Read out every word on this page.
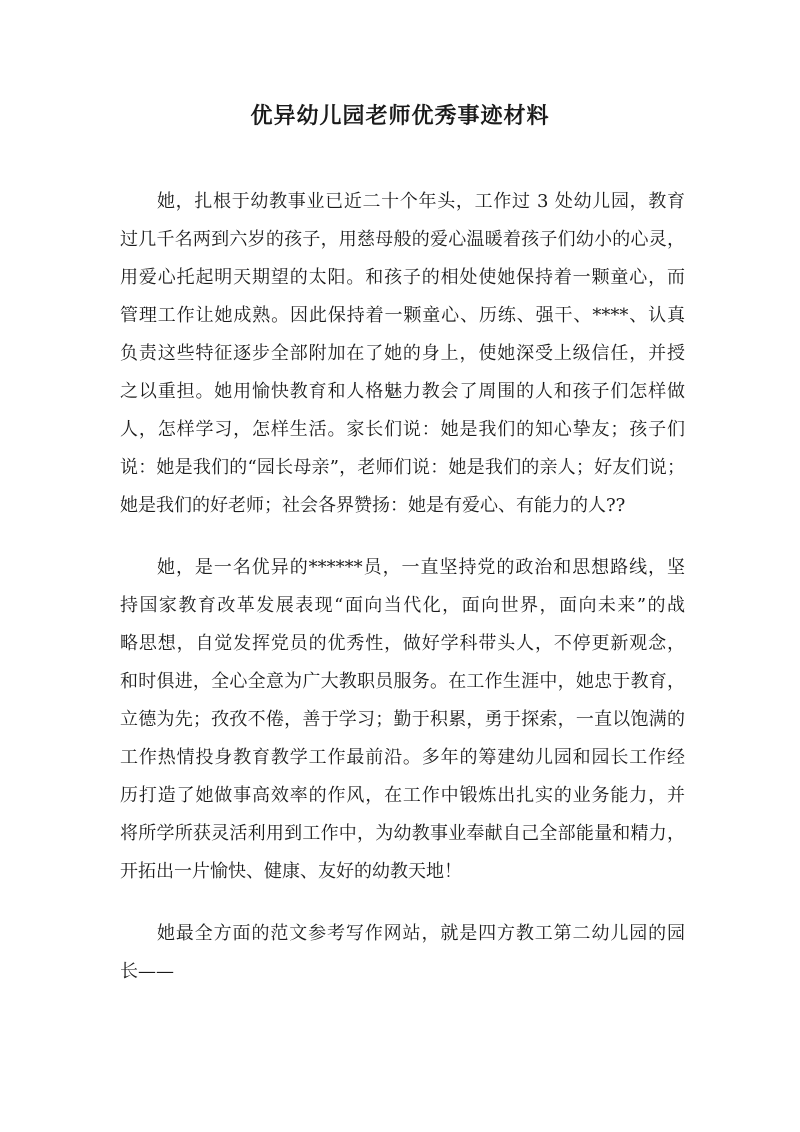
优异幼儿园老师优秀事迹材料
她，扎根于幼教事业已近二十个年头，工作过 3 处幼儿园，教育
过几千名两到六岁的孩子，用慈母般的爱心温暖着孩子们幼小的心灵，
用爱心托起明天期望的太阳。和孩子的相处使她保持着一颗童心，而
管理工作让她成熟。因此保持着一颗童心、历练、强干、****、认真
负责这些特征逐步全部附加在了她的身上，使她深受上级信任，并授
之以重担。她用愉快教育和人格魅力教会了周围的人和孩子们怎样做
人，怎样学习，怎样生活。家长们说：她是我们的知心挚友；孩子们
说：她是我们的“园长母亲”，老师们说：她是我们的亲人；好友们说；
她是我们的好老师；社会各界赞扬：她是有爱心、有能力的人??
她，是一名优异的******员，一直坚持党的政治和思想路线，坚
持国家教育改革发展表现“面向当代化，面向世界，面向未来”的战
略思想，自觉发挥党员的优秀性，做好学科带头人，不停更新观念，
和时俱进，全心全意为广大教职员服务。在工作生涯中，她忠于教育，
立德为先；孜孜不倦，善于学习；勤于积累，勇于探索，一直以饱满的
工作热情投身教育教学工作最前沿。多年的筹建幼儿园和园长工作经
历打造了她做事高效率的作风，在工作中锻炼出扎实的业务能力，并
将所学所获灵活利用到工作中，为幼教事业奉献自己全部能量和精力，
开拓出一片愉快、健康、友好的幼教天地！
她最全方面的范文参考写作网站，就是四方教工第二幼儿园的园
长——
